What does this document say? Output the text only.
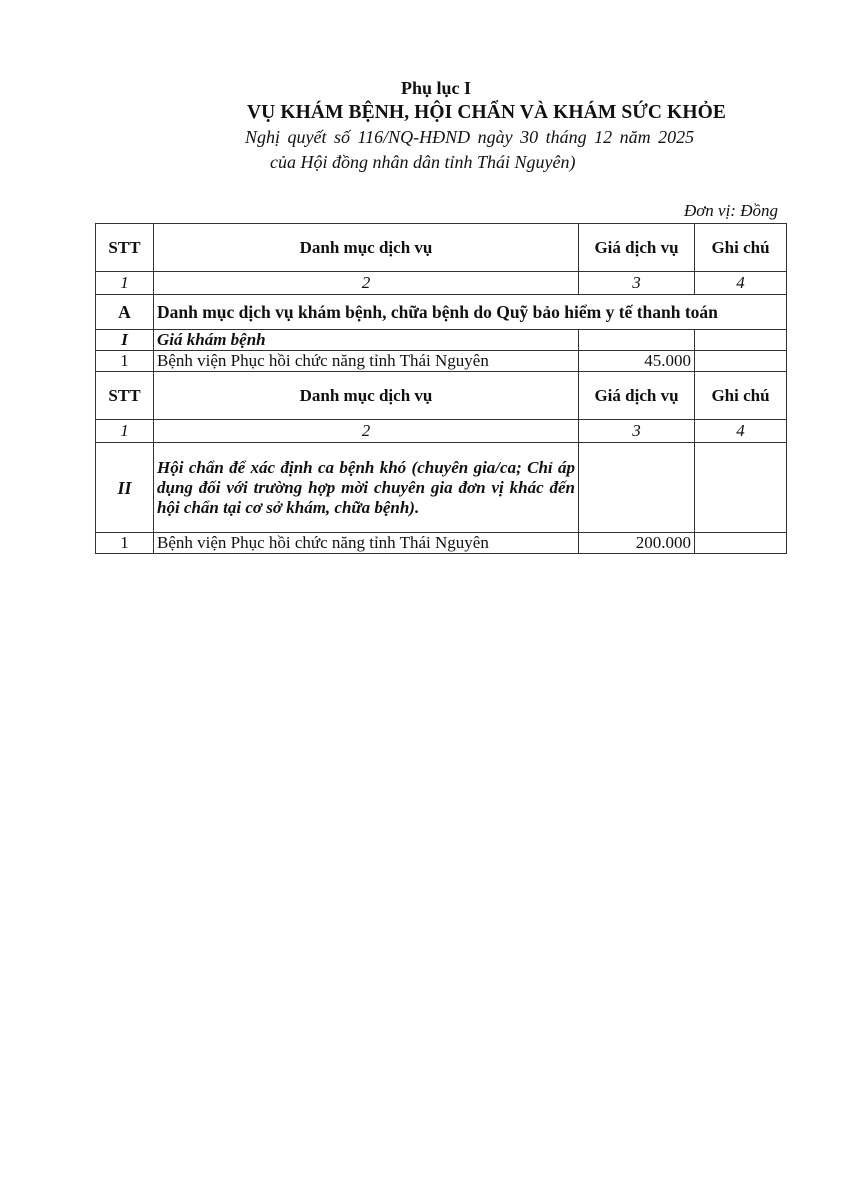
Phụ lục I
VỤ KHÁM BỆNH, HỘI CHẨN VÀ KHÁM SỨC KHỎE
Nghị quyết số 116/NQ-HĐND ngày 30 tháng 12 năm 2025
của Hội đồng nhân dân tỉnh Thái Nguyên)
Đơn vị: Đồng
STT	Danh mục dịch vụ	Giá dịch vụ	Ghi chú
1	2	3	4
A	Danh mục dịch vụ khám bệnh, chữa bệnh do Quỹ bảo hiểm y tế thanh toán		
I	Giá khám bệnh		
1	Bệnh viện Phục hồi chức năng tỉnh Thái Nguyên	45.000	
STT	Danh mục dịch vụ	Giá dịch vụ	Ghi chú
1	2	3	4
II	Hội chẩn để xác định ca bệnh khó (chuyên gia/ca; Chỉ áp dụng đối với trường hợp mời chuyên gia đơn vị khác đến hội chẩn tại cơ sở khám, chữa bệnh).		
1	Bệnh viện Phục hồi chức năng tỉnh Thái Nguyên	200.000	
